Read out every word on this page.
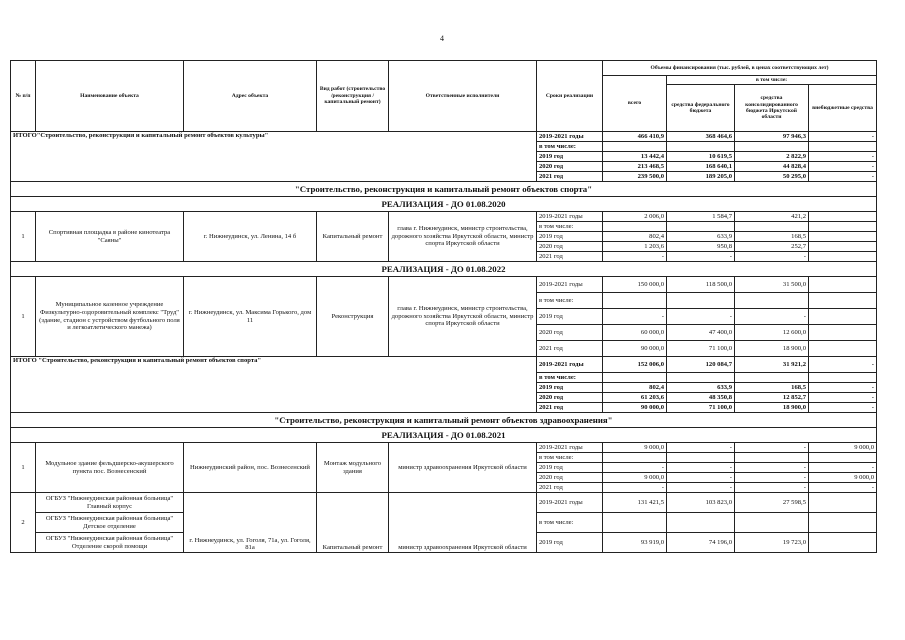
4
№ п/п	Наименование объекта	Адрес объекта	Вид работ (строительство /реконструкция /капитальный ремонт)	Ответственные исполнители	Сроки реализации	Объемы финансирования (тыс. рублей, в ценах соответствующих лет)			
						всего	в том числе:		
							средства федерального бюджета	средства консолидированного бюджета Иркутской области	внебюджетные средства
ИТОГО"Строительство, реконструкция и капитальный ремонт объектов культуры"					2019-2021 годы	466 410,9	368 464,6	97 946,3	-
					в том числе:				
					2019 год	13 442,4	10 619,5	2 822,9	-
					2020 год	213 468,5	168 640,1	44 828,4	-
					2021 год	239 500,0	189 205,0	50 295,0	-
"Строительство, реконструкция и капитальный ремонт объектов спорта"									
РЕАЛИЗАЦИЯ - ДО 01.08.2020									
1	Спортивная площадка в районе кинотеатра "Саяны"	г. Нижнеудинск, ул. Ленина, 14 б	Капитальный ремонт	глава г. Нижнеудинск, министр строительства, дорожного хозяйства Иркутской области, министр спорта Иркутской области	2019-2021 годы	2 006,0	1 584,7	421,2	
					в том числе:				
					2019 год	802,4	633,9	168,5	
					2020 год	1 203,6	950,8	252,7	
					2021 год	-	-	-	
РЕАЛИЗАЦИЯ - ДО 01.08.2022									
1	Муниципальное казенное учреждение Физкультурно-оздоровительный комплекс "Труд" (здание, стадион с устройством футбольного поля и легкоатлетического манежа)	г. Нижнеудинск, ул. Максима Горького, дом 11	Реконструкция	глава г. Нижнеудинск, министр строительства, дорожного хозяйства Иркутской области, министр спорта Иркутской области	2019-2021 годы	150 000,0	118 500,0	31 500,0	
					в том числе:				
					2019 год	-	-	-	
					2020 год	60 000,0	47 400,0	12 600,0	
					2021 год	90 000,0	71 100,0	18 900,0	
ИТОГО "Строительство, реконструкция и капитальный ремонт объектов спорта"					2019-2021 годы	152 006,0	120 084,7	31 921,2	-
					в том числе:				
					2019 год	802,4	633,9	168,5	-
					2020 год	61 203,6	48 350,8	12 852,7	-
					2021 год	90 000,0	71 100,0	18 900,0	-
"Строительство, реконструкция и капитальный ремонт объектов здравоохранения"									
РЕАЛИЗАЦИЯ - ДО 01.08.2021									
1	Модульное здание фельдшерско-акушерского пункта пос. Вознесенский	Нижнеудинский район, пос. Вознесенский	Монтаж модульного здания	министр здравоохранения Иркутской области	2019-2021 годы	9 000,0	-	-	9 000,0
					в том числе:				
					2019 год	-	-	-	-
					2020 год	9 000,0	-	-	9 000,0
					2021 год	-	-	-	-
2	ОГБУЗ "Нижнеудинская районная больница" Главный корпус	г. Нижнеудинск, ул. Гоголя, 71а, ул. Гоголя, 81а	Капитальный ремонт	министр здравоохранения Иркутской области	2019-2021 годы	131 421,5	103 823,0	27 598,5	
	ОГБУЗ "Нижнеудинская районная больница" Детское отделение				в том числе:				
	ОГБУЗ "Нижнеудинская районная больница" Отделение скорой помощи				2019 год	93 919,0	74 196,0	19 723,0	
